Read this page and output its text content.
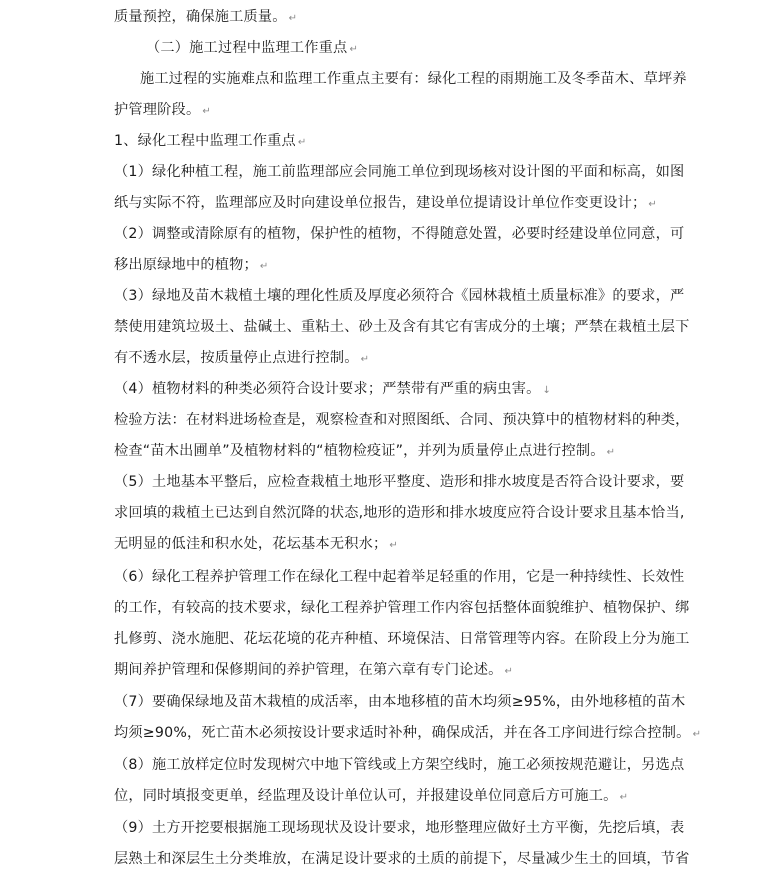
质量预控，确保施工质量。 ↵
（二）施工过程中监理工作重点 ↵
施工过程的实施难点和监理工作重点主要有：绿化工程的雨期施工及冬季苗木、草坪养
护管理阶段。 ↵
1、绿化工程中监理工作重点 ↵
（1）绿化种植工程，施工前监理部应会同施工单位到现场核对设计图的平面和标高，如图
纸与实际不符，监理部应及时向建设单位报告，建设单位提请设计单位作变更设计； ↵
（2）调整或清除原有的植物，保护性的植物，不得随意处置，必要时经建设单位同意，可
移出原绿地中的植物； ↵
（3）绿地及苗木栽植土壤的理化性质及厚度必须符合《园林栽植土质量标准》的要求，严
禁使用建筑垃圾土、盐碱土、重粘土、砂土及含有其它有害成分的土壤；严禁在栽植土层下
有不透水层，按质量停止点进行控制。 ↵
（4）植物材料的种类必须符合设计要求；严禁带有严重的病虫害。 ↓
检验方法：在材料进场检查是，观察检查和对照图纸、合同、预决算中的植物材料的种类，
检查“苗木出圃单”及植物材料的“植物检疫证”，并列为质量停止点进行控制。 ↵
（5）土地基本平整后，应检查栽植土地形平整度、造形和排水坡度是否符合设计要求，要
求回填的栽植土已达到自然沉降的状态,地形的造形和排水坡度应符合设计要求且基本恰当,
无明显的低洼和积水处，花坛基本无积水； ↵
（6）绿化工程养护管理工作在绿化工程中起着举足轻重的作用，它是一种持续性、长效性
的工作，有较高的技术要求，绿化工程养护管理工作内容包括整体面貌维护、植物保护、绑
扎修剪、浇水施肥、花坛花境的花卉种植、环境保洁、日常管理等内容。在阶段上分为施工
期间养护管理和保修期间的养护管理，在第六章有专门论述。 ↵
（7）要确保绿地及苗木栽植的成活率，由本地移植的苗木均须≥95%，由外地移植的苗木
均须≥90%，死亡苗木必须按设计要求适时补种，确保成活，并在各工序间进行综合控制。 ↵
（8）施工放样定位时发现树穴中地下管线或上方架空线时，施工必须按规范避让，另选点
位，同时填报变更单，经监理及设计单位认可，并报建设单位同意后方可施工。 ↵
（9）土方开挖要根据施工现场现状及设计要求，地形整理应做好土方平衡，先挖后填，表
层熟土和深层生土分类堆放，在满足设计要求的土质的前提下，尽量减少生土的回填，节省
